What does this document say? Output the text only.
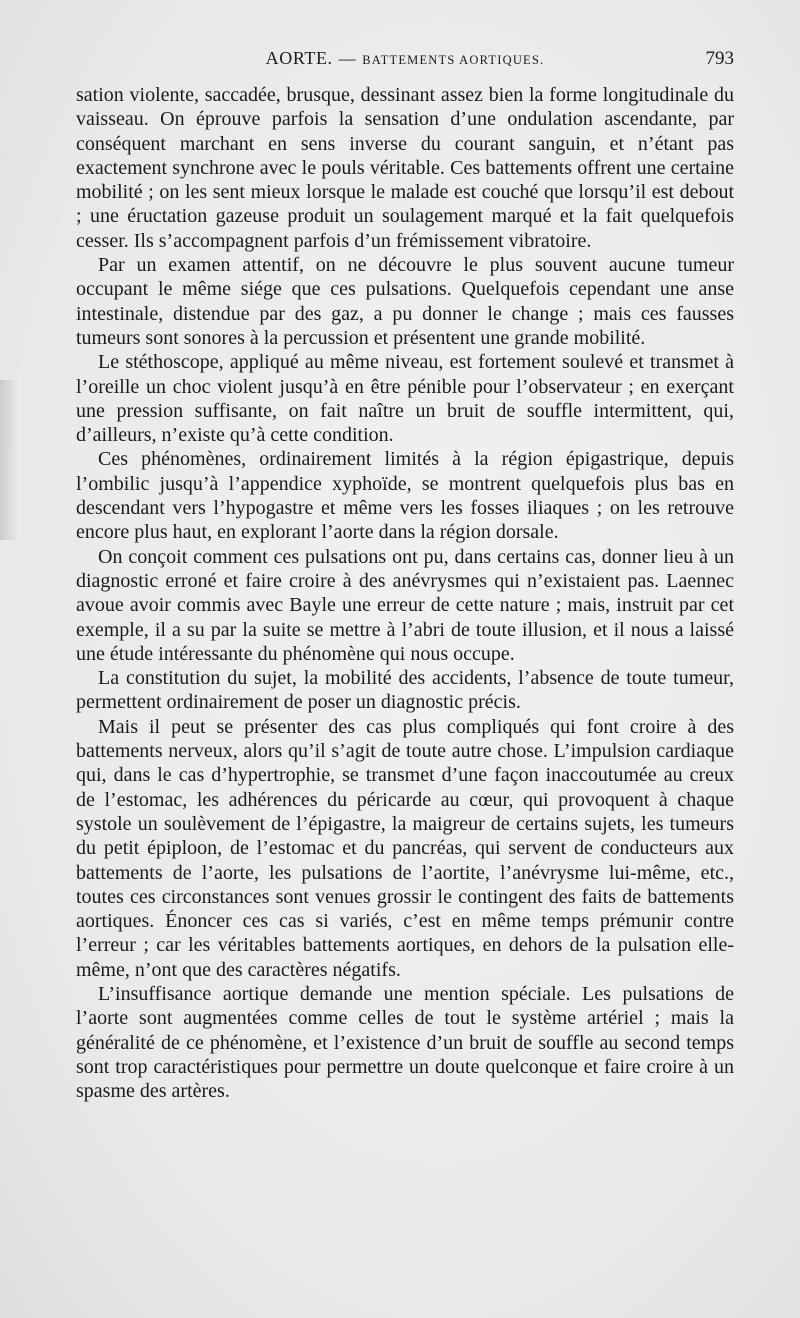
AORTE. — BATTEMENTS AORTIQUES.	793

sation violente, saccadée, brusque, dessinant assez bien la forme longitudinale du vaisseau. On éprouve parfois la sensation d’une ondulation ascendante, par conséquent marchant en sens inverse du courant sanguin, et n’étant pas exactement synchrone avec le pouls véritable. Ces battements offrent une certaine mobilité ; on les sent mieux lorsque le malade est couché que lorsqu’il est debout ; une éructation gazeuse produit un soulagement marqué et la fait quelquefois cesser. Ils s’accompagnent parfois d’un frémissement vibratoire.

Par un examen attentif, on ne découvre le plus souvent aucune tumeur occupant le même siége que ces pulsations. Quelquefois cependant une anse intestinale, distendue par des gaz, a pu donner le change ; mais ces fausses tumeurs sont sonores à la percussion et présentent une grande mobilité.

Le stéthoscope, appliqué au même niveau, est fortement soulevé et transmet à l’oreille un choc violent jusqu’à en être pénible pour l’observateur ; en exerçant une pression suffisante, on fait naître un bruit de souffle intermittent, qui, d’ailleurs, n’existe qu’à cette condition.

Ces phénomènes, ordinairement limités à la région épigastrique, depuis l’ombilic jusqu’à l’appendice xyphoïde, se montrent quelquefois plus bas en descendant vers l’hypogastre et même vers les fosses iliaques ; on les retrouve encore plus haut, en explorant l’aorte dans la région dorsale.

On conçoit comment ces pulsations ont pu, dans certains cas, donner lieu à un diagnostic erroné et faire croire à des anévrysmes qui n’existaient pas. Laennec avoue avoir commis avec Bayle une erreur de cette nature ; mais, instruit par cet exemple, il a su par la suite se mettre à l’abri de toute illusion, et il nous a laissé une étude intéressante du phénomène qui nous occupe.

La constitution du sujet, la mobilité des accidents, l’absence de toute tumeur, permettent ordinairement de poser un diagnostic précis.

Mais il peut se présenter des cas plus compliqués qui font croire à des battements nerveux, alors qu’il s’agit de toute autre chose. L’impulsion cardiaque qui, dans le cas d’hypertrophie, se transmet d’une façon inaccoutumée au creux de l’estomac, les adhérences du péricarde au cœur, qui provoquent à chaque systole un soulèvement de l’épigastre, la maigreur de certains sujets, les tumeurs du petit épiploon, de l’estomac et du pancréas, qui servent de conducteurs aux battements de l’aorte, les pulsations de l’aortite, l’anévrysme lui-même, etc., toutes ces circonstances sont venues grossir le contingent des faits de battements aortiques. Énoncer ces cas si variés, c’est en même temps prémunir contre l’erreur ; car les véritables battements aortiques, en dehors de la pulsation elle-même, n’ont que des caractères négatifs.

L’insuffisance aortique demande une mention spéciale. Les pulsations de l’aorte sont augmentées comme celles de tout le système artériel ; mais la généralité de ce phénomène, et l’existence d’un bruit de souffle au second temps sont trop caractéristiques pour permettre un doute quelconque et faire croire à un spasme des artères.
